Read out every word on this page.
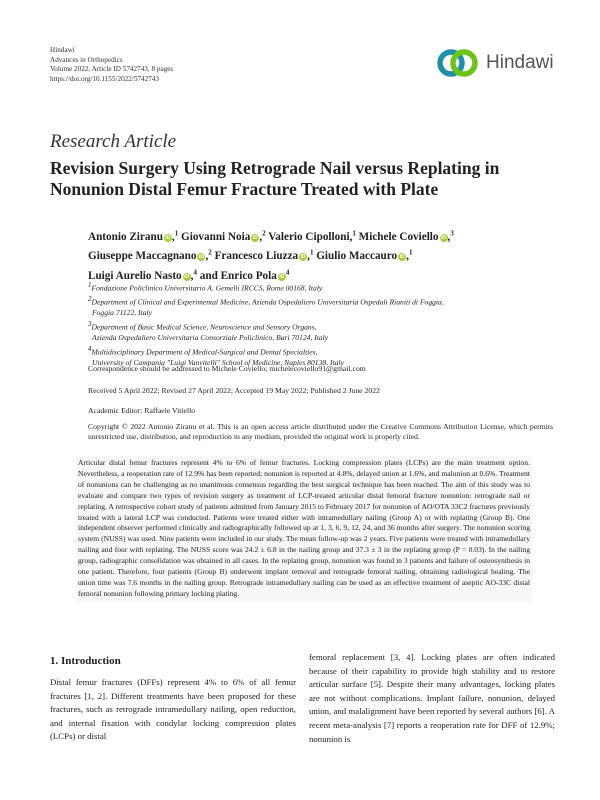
Hindawi
Advances in Orthopedics
Volume 2022, Article ID 5742743, 8 pages
https://doi.org/10.1155/2022/5742743
Hindawi
Research Article
Revision Surgery Using Retrograde Nail versus Replating in Nonunion Distal Femur Fracture Treated with Plate
Antonio Ziranu iD ,$^1$ Giovanni Noia iD ,$^2$ Valerio Cipolloni,$^1$ Michele Coviello iD ,$^3$
Giuseppe Maccagnano iD ,$^2$ Francesco Liuzza iD ,$^1$ Giulio Maccauro iD ,$^1$
Luigi Aurelio Nasto iD ,$^4$ and Enrico Pola $iD^4$
$^1$Fondazione Policlinico Universitario A. Gemelli IRCCS, Rome 00168, Italy
$^2$Department of Clinical and Experimental Medicine, Azienda Ospedaliero Universitaria Ospedali Riuniti di Foggia,
Foggia 71122, Italy
$^3$Department of Basic Medical Science, Neuroscience and Sensory Organs,
Azienda Ospedaliero Universitaria Consorziale Policlinico, Bari 70124, Italy
$^4$Multidisciplinary Department of Medical-Surgical and Dental Specialties,
University of Campania "Luigi Vanvitelli" School of Medicine, Naples 80138, Italy
Correspondence should be addressed to Michele Coviello; michelecoviello91@gmail.com
Received 5 April 2022; Revised 27 April 2022; Accepted 19 May 2022; Published 2 June 2022
Academic Editor: Raffaele Vitiello
Copyright © 2022 Antonio Ziranu et al. This is an open access article distributed under the Creative Commons Attribution License, which permits unrestricted use, distribution, and reproduction in any medium, provided the original work is properly cited.
Articular distal femur fractures represent 4% to 6% of femur fractures. Locking compression plates (LCPs) are the main treatment option. Nevertheless, a reoperation rate of 12.9% has been reported; nonunion is reported at 4.8%, delayed union at 1.6%, and malunion at 0.6%. Treatment of nonunions can be challenging as no unanimous consensus regarding the best surgical technique has been reached. The aim of this study was to evaluate and compare two types of revision surgery as treatment of LCP-treated articular distal femoral fracture nonunion: retrograde nail or replating. A retrospective cohort study of patients admitted from January 2015 to February 2017 for nonunion of AO/OTA 33C2 fractures previously treated with a lateral LCP was conducted. Patients were treated either with intramedullary nailing (Group A) or with replating (Group B). One independent observer performed clinically and radiographically followed up at 1, 3, 6, 9, 12, 24, and 36 months after surgery. The nonunion scoring system (NUSS) was used. Nine patients were included in our study. The mean follow-up was 2 years. Five patients were treated with intramedullary nailing and four with replating. The NUSS score was 24.2 ± 6.8 in the nailing group and 37.3 ± 3 in the replating group (P = 0.03). In the nailing group, radiographic consolidation was obtained in all cases. In the replating group, nonunion was found in 3 patients and failure of osteosynthesis in one patient. Therefore, four patients (Group B) underwent implant removal and retrograde femoral nailing, obtaining radiological healing. The union time was 7.6 months in the nailing group. Retrograde intramedullary nailing can be used as an effective treatment of aseptic AO-33C distal femoral nonunion following primary locking plating.
1. Introduction
Distal femur fractures (DFFs) represent 4% to 6% of all femur fractures [1, 2]. Different treatments have been proposed for these fractures, such as retrograde intramedullary nailing, open reduction, and internal fixation with condylar locking compression plates (LCPs) or distal
femoral replacement [3, 4]. Locking plates are often indicated because of their capability to provide high stability and to restore articular surface [5]. Despite their many advantages, locking plates are not without complications. Implant failure, nonunion, delayed union, and malalignment have been reported by several authors [6]. A recent meta-analysis [7] reports a reoperation rate for DFF of 12.9%; nonunion is
